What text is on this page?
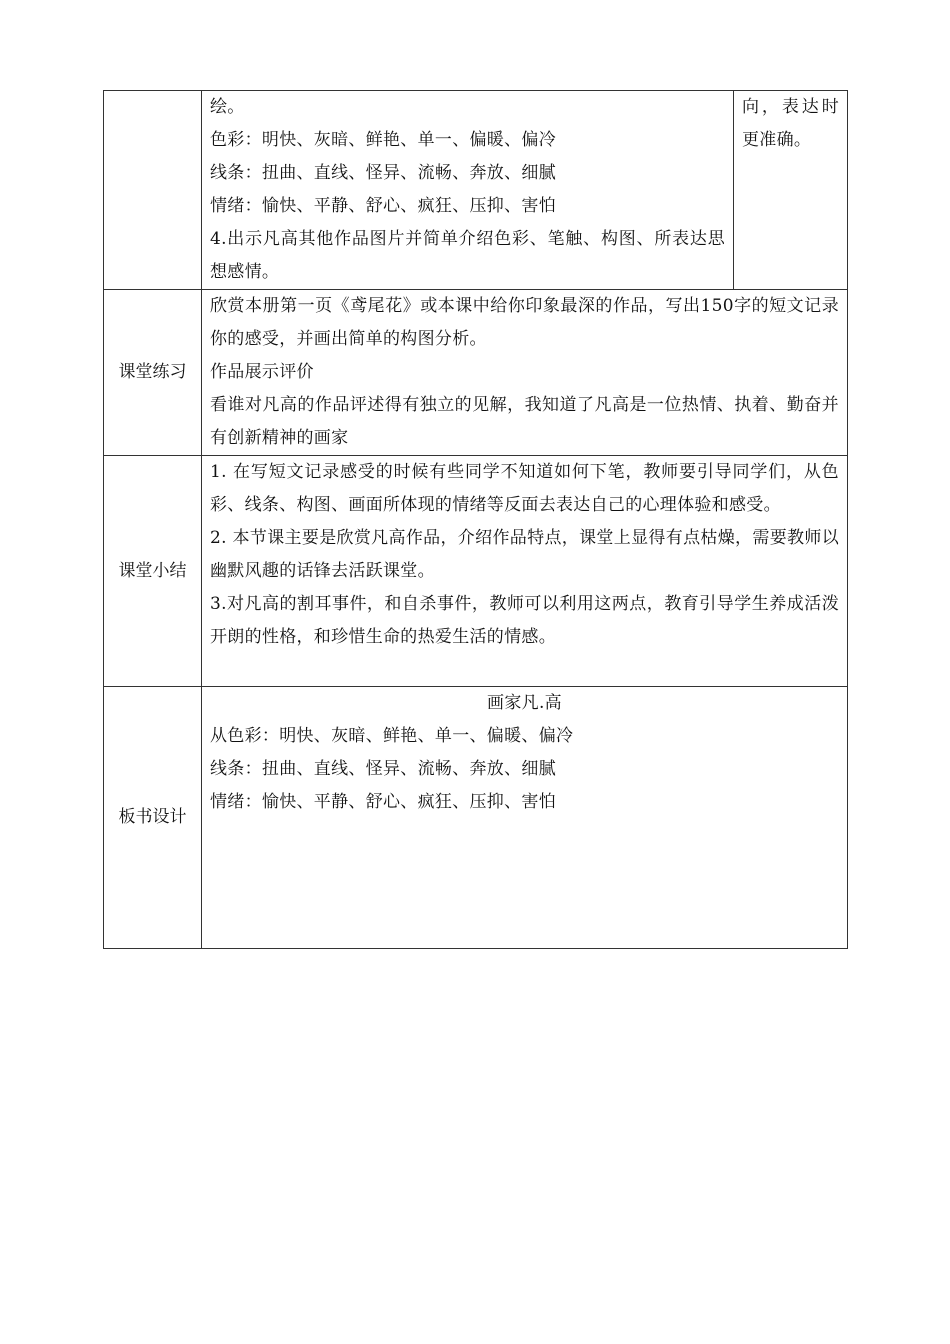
	绘。
色彩：明快、灰暗、鲜艳、单一、偏暖、偏冷
线条：扭曲、直线、怪异、流畅、奔放、细腻
情绪：愉快、平静、舒心、疯狂、压抑、害怕
4.出示凡高其他作品图片并简单介绍色彩、笔触、构图、所表达思想感情。	向，表达时更准确。

课堂练习	欣赏本册第一页《鸢尾花》或本课中给你印象最深的作品，写出150字的短文记录你的感受，并画出简单的构图分析。
作品展示评价
看谁对凡高的作品评述得有独立的见解，我知道了凡高是一位热情、执着、勤奋并有创新精神的画家	

课堂小结	1. 在写短文记录感受的时候有些同学不知道如何下笔，教师要引导同学们，从色彩、线条、构图、画面所体现的情绪等反面去表达自己的心理体验和感受。
2. 本节课主要是欣赏凡高作品，介绍作品特点，课堂上显得有点枯燥，需要教师以幽默风趣的话锋去活跃课堂。
3.对凡高的割耳事件，和自杀事件，教师可以利用这两点，教育引导学生养成活泼开朗的性格，和珍惜生命的热爱生活的情感。	

板书设计	画家凡.高
从色彩：明快、灰暗、鲜艳、单一、偏暖、偏冷
线条：扭曲、直线、怪异、流畅、奔放、细腻
情绪：愉快、平静、舒心、疯狂、压抑、害怕	
